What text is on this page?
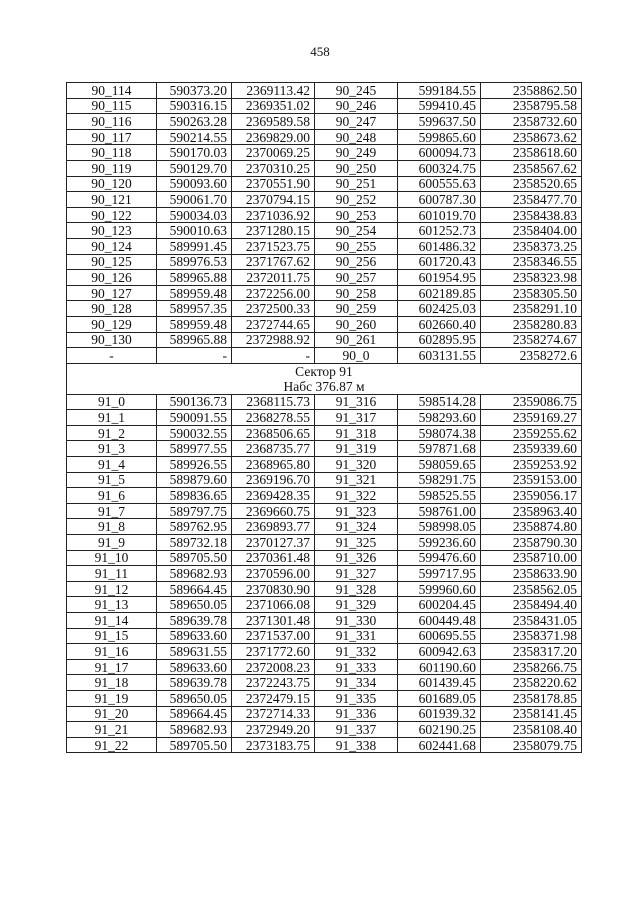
458
90_114	590373.20	2369113.42	90_245	599184.55	2358862.50
90_115	590316.15	2369351.02	90_246	599410.45	2358795.58
90_116	590263.28	2369589.58	90_247	599637.50	2358732.60
90_117	590214.55	2369829.00	90_248	599865.60	2358673.62
90_118	590170.03	2370069.25	90_249	600094.73	2358618.60
90_119	590129.70	2370310.25	90_250	600324.75	2358567.62
90_120	590093.60	2370551.90	90_251	600555.63	2358520.65
90_121	590061.70	2370794.15	90_252	600787.30	2358477.70
90_122	590034.03	2371036.92	90_253	601019.70	2358438.83
90_123	590010.63	2371280.15	90_254	601252.73	2358404.00
90_124	589991.45	2371523.75	90_255	601486.32	2358373.25
90_125	589976.53	2371767.62	90_256	601720.43	2358346.55
90_126	589965.88	2372011.75	90_257	601954.95	2358323.98
90_127	589959.48	2372256.00	90_258	602189.85	2358305.50
90_128	589957.35	2372500.33	90_259	602425.03	2358291.10
90_129	589959.48	2372744.65	90_260	602660.40	2358280.83
90_130	589965.88	2372988.92	90_261	602895.95	2358274.67
-	-	-	90_0	603131.55	2358272.6

Сектор 91
Набс 376.87 м					

91_0	590136.73	2368115.73	91_316	598514.28	2359086.75
91_1	590091.55	2368278.55	91_317	598293.60	2359169.27
91_2	590032.55	2368506.65	91_318	598074.38	2359255.62
91_3	589977.55	2368735.77	91_319	597871.68	2359339.60
91_4	589926.55	2368965.80	91_320	598059.65	2359253.92
91_5	589879.60	2369196.70	91_321	598291.75	2359153.00
91_6	589836.65	2369428.35	91_322	598525.55	2359056.17
91_7	589797.75	2369660.75	91_323	598761.00	2358963.40
91_8	589762.95	2369893.77	91_324	598998.05	2358874.80
91_9	589732.18	2370127.37	91_325	599236.60	2358790.30
91_10	589705.50	2370361.48	91_326	599476.60	2358710.00
91_11	589682.93	2370596.00	91_327	599717.95	2358633.90
91_12	589664.45	2370830.90	91_328	599960.60	2358562.05
91_13	589650.05	2371066.08	91_329	600204.45	2358494.40
91_14	589639.78	2371301.48	91_330	600449.48	2358431.05
91_15	589633.60	2371537.00	91_331	600695.55	2358371.98
91_16	589631.55	2371772.60	91_332	600942.63	2358317.20
91_17	589633.60	2372008.23	91_333	601190.60	2358266.75
91_18	589639.78	2372243.75	91_334	601439.45	2358220.62
91_19	589650.05	2372479.15	91_335	601689.05	2358178.85
91_20	589664.45	2372714.33	91_336	601939.32	2358141.45
91_21	589682.93	2372949.20	91_337	602190.25	2358108.40
91_22	589705.50	2373183.75	91_338	602441.68	2358079.75
